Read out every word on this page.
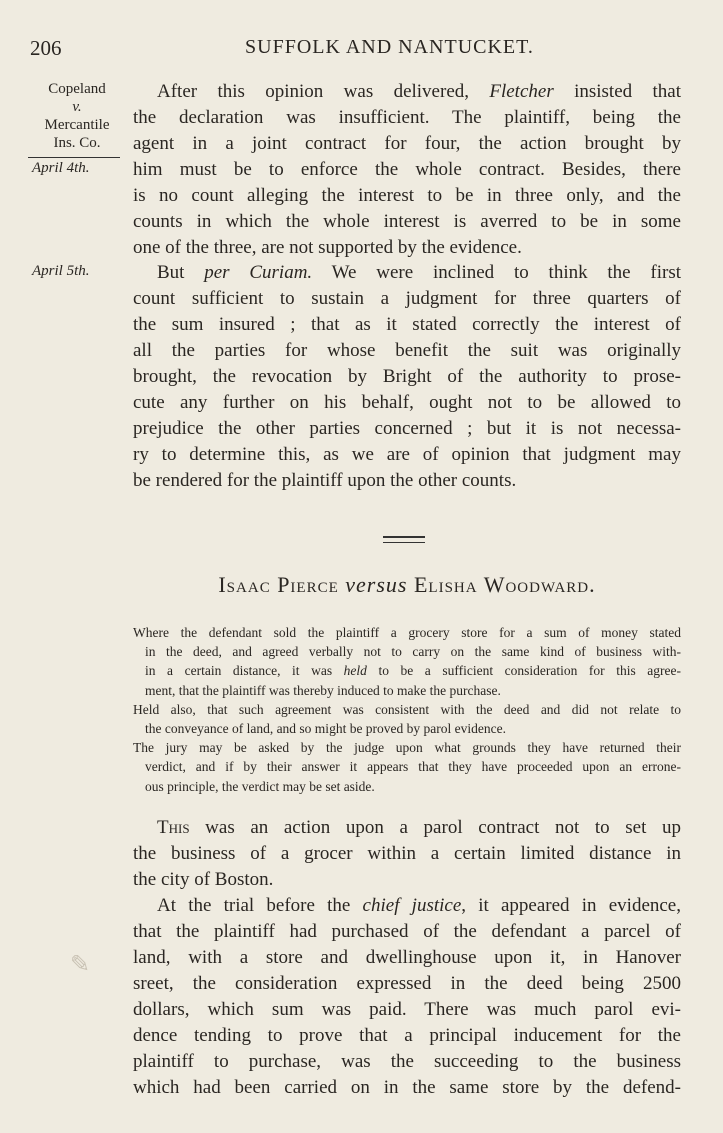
206	SUFFOLK AND NANTUCKET.
Copeland
v.
Mercantile
Ins. Co.
April 4th.
April 5th.
After this opinion was delivered, Fletcher insisted that
the declaration was insufficient. The plaintiff, being the
agent in a joint contract for four, the action brought by
him must be to enforce the whole contract. Besides, there
is no count alleging the interest to be in three only, and the
counts in which the whole interest is averred to be in some
one of the three, are not supported by the evidence.
But per Curiam. We were inclined to think the first
count sufficient to sustain a judgment for three quarters of
the sum insured ; that as it stated correctly the interest of
all the parties for whose benefit the suit was originally
brought, the revocation by Bright of the authority to prose-
cute any further on his behalf, ought not to be allowed to
prejudice the other parties concerned ; but it is not necessa-
ry to determine this, as we are of opinion that judgment may
be rendered for the plaintiff upon the other counts.
Isaac Pierce versus Elisha Woodward.
Where the defendant sold the plaintiff a grocery store for a sum of money stated
in the deed, and agreed verbally not to carry on the same kind of business with-
in a certain distance, it was held to be a sufficient consideration for this agree-
ment, that the plaintiff was thereby induced to make the purchase.
Held also, that such agreement was consistent with the deed and did not relate to
the conveyance of land, and so might be proved by parol evidence.
The jury may be asked by the judge upon what grounds they have returned their
verdict, and if by their answer it appears that they have proceeded upon an errone-
ous principle, the verdict may be set aside.
This was an action upon a parol contract not to set up
the business of a grocer within a certain limited distance in
the city of Boston.
At the trial before the chief justice, it appeared in evidence,
that the plaintiff had purchased of the defendant a parcel of
land, with a store and dwellinghouse upon it, in Hanover
sreet, the consideration expressed in the deed being 2500
dollars, which sum was paid. There was much parol evi-
dence tending to prove that a principal inducement for the
plaintiff to purchase, was the succeeding to the business
which had been carried on in the same store by the defend-
✎
